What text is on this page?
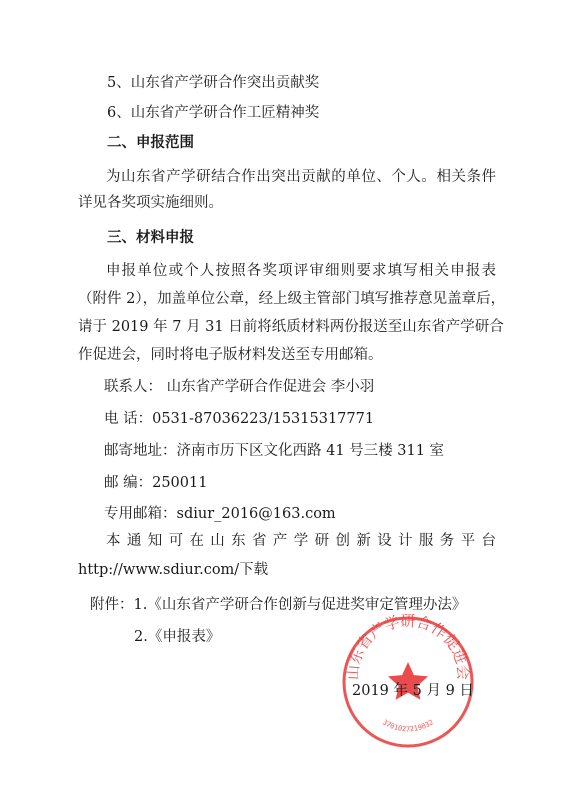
5、山东省产学研合作突出贡献奖
6、山东省产学研合作工匠精神奖
二、申报范围
为山东省产学研结合作出突出贡献的单位、个人。相关条件
详见各奖项实施细则。
三、材料申报
申报单位或个人按照各奖项评审细则要求填写相关申报表
（附件 2），加盖单位公章，经上级主管部门填写推荐意见盖章后，
请于 2019 年 7 月 31 日前将纸质材料两份报送至山东省产学研合
作促进会，同时将电子版材料发送至专用邮箱。
联系人： 山东省产学研合作促进会 李小羽
电 话：0531-87036223/15315317771
邮寄地址：济南市历下区文化西路 41 号三楼 311 室
邮 编：250011
专用邮箱：sdiur_2016@163.com
本通知可在山东省产学研创新设计服务平台
http://www.sdiur.com/下载
附件：1.《山东省产学研合作创新与促进奖审定管理办法》
2.《申报表》
山东省产学研合作促进会
3701027219832
2019 年 5 月 9 日
